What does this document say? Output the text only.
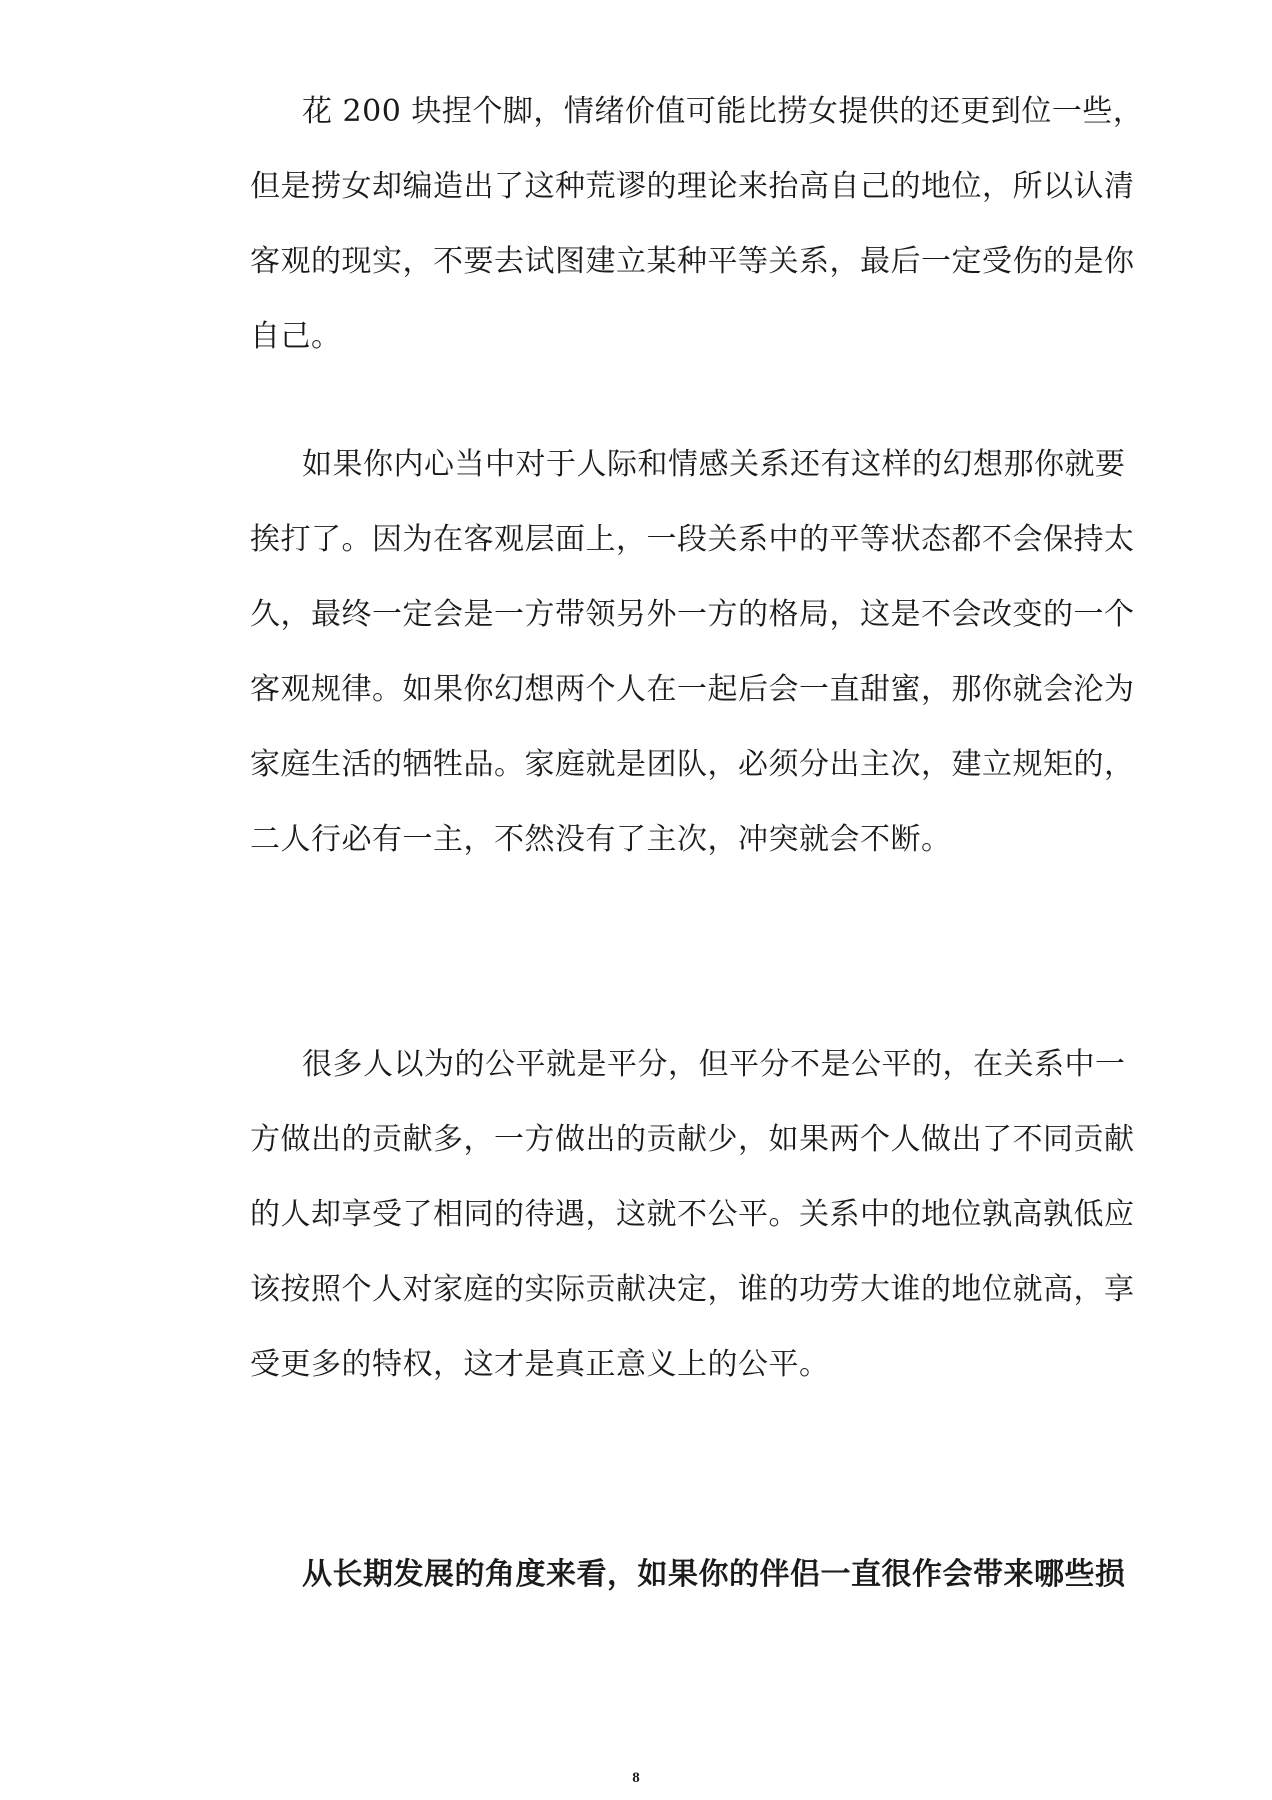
花 200 块捏个脚，情绪价值可能比捞女提供的还更到位一些，
但是捞女却编造出了这种荒谬的理论来抬高自己的地位，所以认清
客观的现实，不要去试图建立某种平等关系，最后一定受伤的是你
自己。
如果你内心当中对于人际和情感关系还有这样的幻想那你就要
挨打了。因为在客观层面上，一段关系中的平等状态都不会保持太
久，最终一定会是一方带领另外一方的格局，这是不会改变的一个
客观规律。如果你幻想两个人在一起后会一直甜蜜，那你就会沦为
家庭生活的牺牲品。家庭就是团队，必须分出主次，建立规矩的，
二人行必有一主，不然没有了主次，冲突就会不断。
很多人以为的公平就是平分，但平分不是公平的，在关系中一
方做出的贡献多，一方做出的贡献少，如果两个人做出了不同贡献
的人却享受了相同的待遇，这就不公平。关系中的地位孰高孰低应
该按照个人对家庭的实际贡献决定，谁的功劳大谁的地位就高，享
受更多的特权，这才是真正意义上的公平。
从长期发展的角度来看，如果你的伴侣一直很作会带来哪些损
8
